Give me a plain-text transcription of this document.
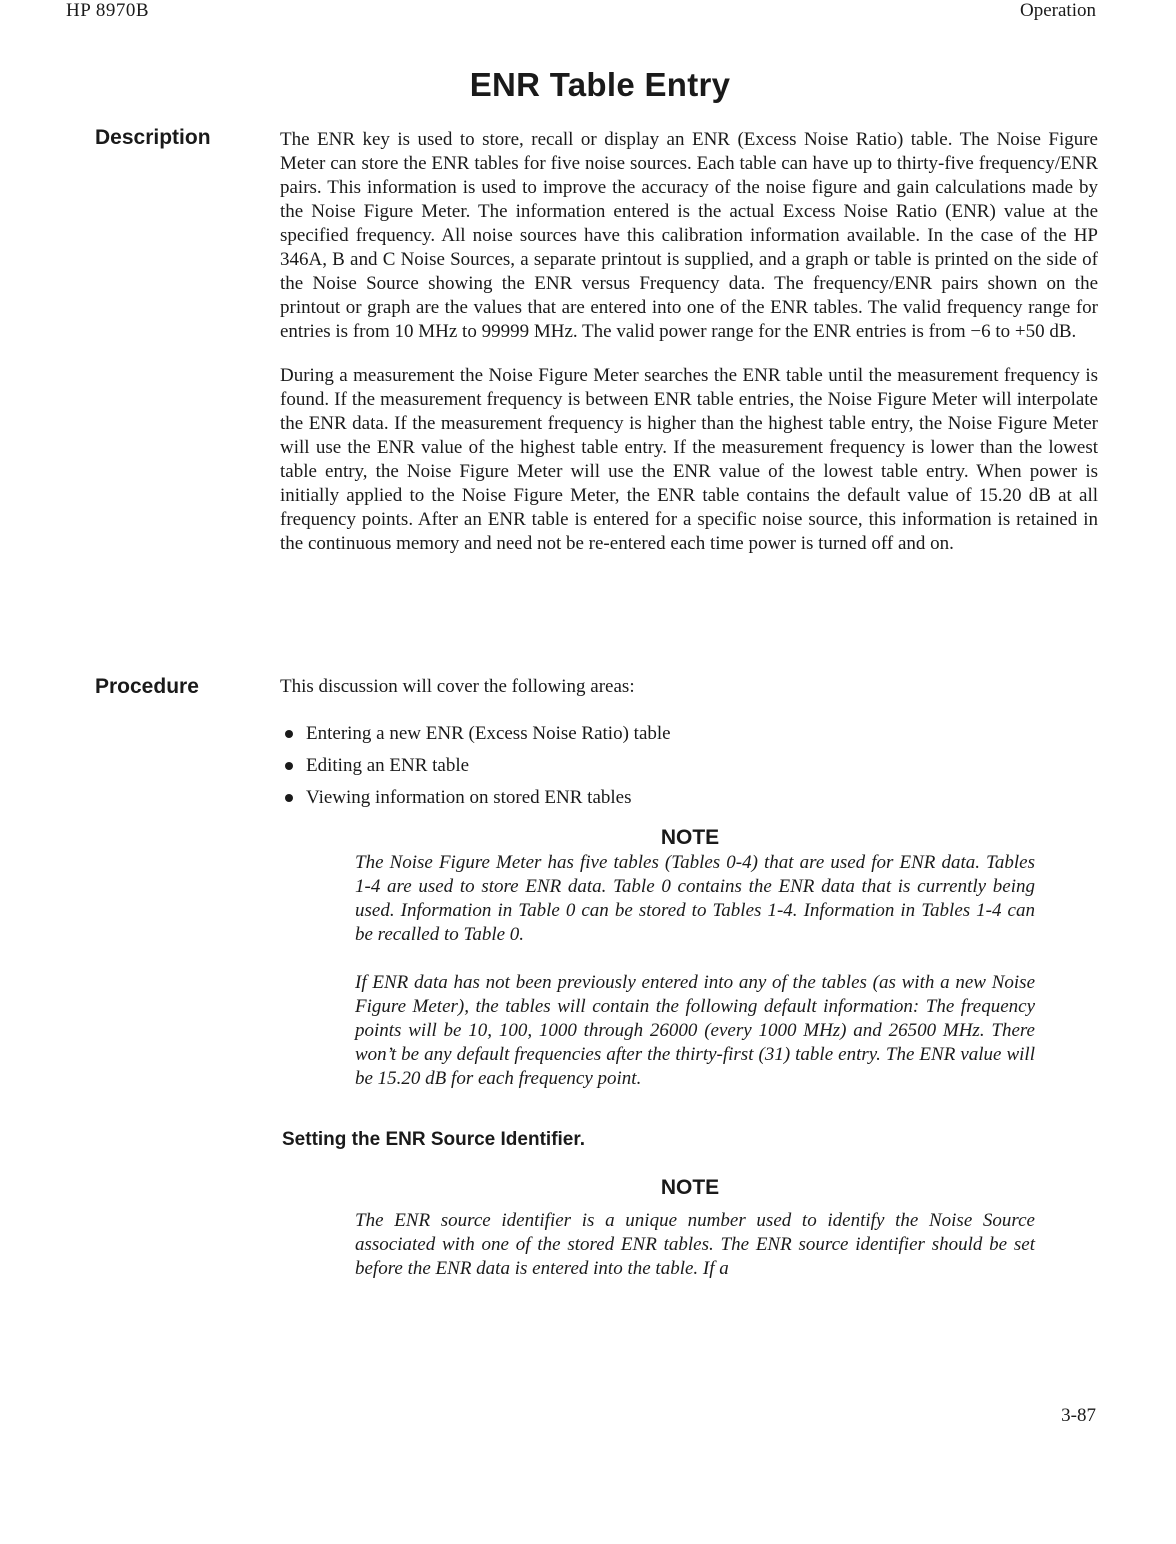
HP 8970B	Operation
ENR Table Entry
Description	The ENR key is used to store, recall or display an ENR (Excess Noise Ratio) table. The Noise Figure Meter can store the ENR tables for five noise sources. Each table can have up to thirty-five frequency/ENR pairs. This information is used to improve the accuracy of the noise figure and gain calculations made by the Noise Figure Meter. The information entered is the actual Excess Noise Ratio (ENR) value at the specified frequency. All noise sources have this calibration information available. In the case of the HP 346A, B and C Noise Sources, a separate printout is supplied, and a graph or table is printed on the side of the Noise Source showing the ENR versus Frequency data. The frequency/ENR pairs shown on the printout or graph are the values that are entered into one of the ENR tables. The valid frequency range for entries is from 10 MHz to 99999 MHz. The valid power range for the ENR entries is from −6 to +50 dB.

During a measurement the Noise Figure Meter searches the ENR table until the measurement frequency is found. If the measurement frequency is between ENR table entries, the Noise Figure Meter will interpolate the ENR data. If the measurement frequency is higher than the highest table entry, the Noise Figure Meter will use the ENR value of the highest table entry. If the measurement frequency is lower than the lowest table entry, the Noise Figure Meter will use the ENR value of the lowest table entry. When power is initially applied to the Noise Figure Meter, the ENR table contains the default value of 15.20 dB at all frequency points. After an ENR table is entered for a specific noise source, this information is retained in the continuous memory and need not be re-entered each time power is turned off and on.

Procedure	This discussion will cover the following areas:
Entering a new ENR (Excess Noise Ratio) table
Editing an ENR table
Viewing information on stored ENR tables
NOTE

The Noise Figure Meter has five tables (Tables 0-4) that are used for ENR data. Tables 1-4 are used to store ENR data. Table 0 contains the ENR data that is currently being used. Information in Table 0 can be stored to Tables 1-4. Information in Tables 1-4 can be recalled to Table 0.

If ENR data has not been previously entered into any of the tables (as with a new Noise Figure Meter), the tables will contain the following default information: The frequency points will be 10, 100, 1000 through 26000 (every 1000 MHz) and 26500 MHz. There won’t be any default frequencies after the thirty-first (31) table entry. The ENR value will be 15.20 dB for each frequency point.

Setting the ENR Source Identifier.
NOTE

The ENR source identifier is a unique number used to identify the Noise Source associated with one of the stored ENR tables. The ENR source identifier should be set before the ENR data is entered into the table. If a

3-87
